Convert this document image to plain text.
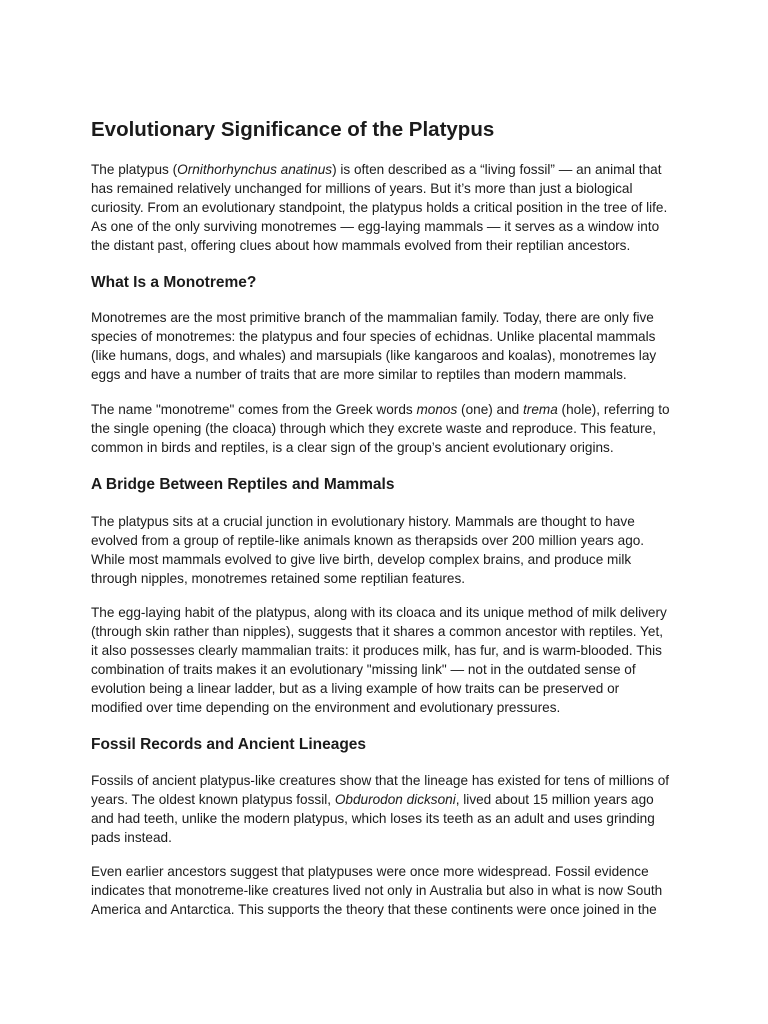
Evolutionary Significance of the Platypus

The platypus (Ornithorhynchus anatinus) is often described as a “living fossil” — an animal that
has remained relatively unchanged for millions of years. But it’s more than just a biological
curiosity. From an evolutionary standpoint, the platypus holds a critical position in the tree of life.
As one of the only surviving monotremes — egg-laying mammals — it serves as a window into
the distant past, offering clues about how mammals evolved from their reptilian ancestors.

What Is a Monotreme?

Monotremes are the most primitive branch of the mammalian family. Today, there are only five
species of monotremes: the platypus and four species of echidnas. Unlike placental mammals
(like humans, dogs, and whales) and marsupials (like kangaroos and koalas), monotremes lay
eggs and have a number of traits that are more similar to reptiles than modern mammals.

The name "monotreme" comes from the Greek words monos (one) and trema (hole), referring to
the single opening (the cloaca) through which they excrete waste and reproduce. This feature,
common in birds and reptiles, is a clear sign of the group’s ancient evolutionary origins.

A Bridge Between Reptiles and Mammals

The platypus sits at a crucial junction in evolutionary history. Mammals are thought to have
evolved from a group of reptile-like animals known as therapsids over 200 million years ago.
While most mammals evolved to give live birth, develop complex brains, and produce milk
through nipples, monotremes retained some reptilian features.

The egg-laying habit of the platypus, along with its cloaca and its unique method of milk delivery
(through skin rather than nipples), suggests that it shares a common ancestor with reptiles. Yet,
it also possesses clearly mammalian traits: it produces milk, has fur, and is warm-blooded. This
combination of traits makes it an evolutionary "missing link" — not in the outdated sense of
evolution being a linear ladder, but as a living example of how traits can be preserved or
modified over time depending on the environment and evolutionary pressures.

Fossil Records and Ancient Lineages

Fossils of ancient platypus-like creatures show that the lineage has existed for tens of millions of
years. The oldest known platypus fossil, Obdurodon dicksoni, lived about 15 million years ago
and had teeth, unlike the modern platypus, which loses its teeth as an adult and uses grinding
pads instead.

Even earlier ancestors suggest that platypuses were once more widespread. Fossil evidence
indicates that monotreme-like creatures lived not only in Australia but also in what is now South
America and Antarctica. This supports the theory that these continents were once joined in the
